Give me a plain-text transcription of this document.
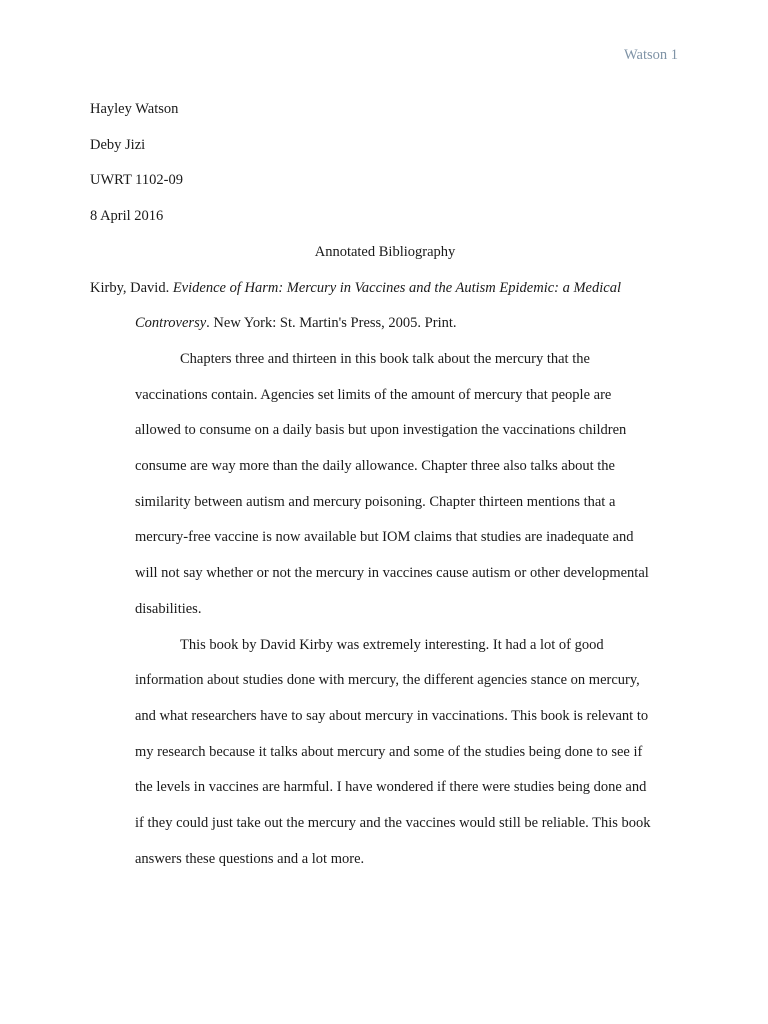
Watson 1
Hayley Watson
Deby Jizi
UWRT 1102-09
8 April 2016
Annotated Bibliography
Kirby, David. Evidence of Harm: Mercury in Vaccines and the Autism Epidemic: a Medical
Controversy. New York: St. Martin's Press, 2005. Print.
Chapters three and thirteen in this book talk about the mercury that the
vaccinations contain. Agencies set limits of the amount of mercury that people are
allowed to consume on a daily basis but upon investigation the vaccinations children
consume are way more than the daily allowance. Chapter three also talks about the
similarity between autism and mercury poisoning. Chapter thirteen mentions that a
mercury-free vaccine is now available but IOM claims that studies are inadequate and
will not say whether or not the mercury in vaccines cause autism or other developmental
disabilities.
This book by David Kirby was extremely interesting. It had a lot of good
information about studies done with mercury, the different agencies stance on mercury,
and what researchers have to say about mercury in vaccinations. This book is relevant to
my research because it talks about mercury and some of the studies being done to see if
the levels in vaccines are harmful. I have wondered if there were studies being done and
if they could just take out the mercury and the vaccines would still be reliable. This book
answers these questions and a lot more.
